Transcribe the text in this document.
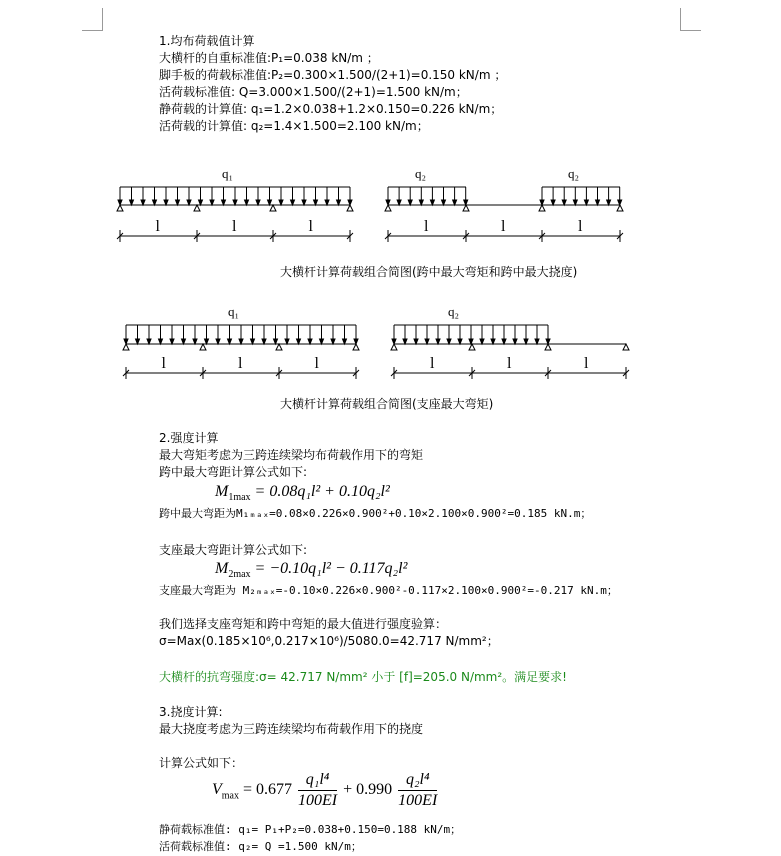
1.均布荷载值计算
大横杆的自重标准值:P₁=0.038 kN/m ；
脚手板的荷载标准值:P₂=0.300×1.500/(2+1)=0.150 kN/m ；
活荷载标准值: Q=3.000×1.500/(2+1)=1.500 kN/m；
静荷载的计算值: q₁=1.2×0.038+1.2×0.150=0.226 kN/m；
活荷载的计算值: q₂=1.4×1.500=2.100 kN/m；
q₁
l	l	l
q₂	q₂
l	l	l
大横杆计算荷载组合简图(跨中最大弯矩和跨中最大挠度)
q₁
l	l	l
q₂
l	l	l
大横杆计算荷载组合简图(支座最大弯矩)
2.强度计算
最大弯矩考虑为三跨连续梁均布荷载作用下的弯矩
跨中最大弯距计算公式如下:
$M_{1max} = 0.08q_1l^2 + 0.10q_2l^2$
跨中最大弯距为M₁ₘₐₓ=0.08×0.226×0.900²+0.10×2.100×0.900²=0.185 kN.m；
支座最大弯距计算公式如下:
$M_{2max} = -0.10q_1l^2 - 0.117q_2l^2$
支座最大弯距为 M₂ₘₐₓ=-0.10×0.226×0.900²-0.117×2.100×0.900²=-0.217 kN.m；
我们选择支座弯矩和跨中弯矩的最大值进行强度验算：
σ=Max(0.185×10⁶,0.217×10⁶)/5080.0=42.717 N/mm²；
大横杆的抗弯强度:σ= 42.717 N/mm² 小于 [f]=205.0 N/mm²。满足要求!
3.挠度计算:
最大挠度考虑为三跨连续梁均布荷载作用下的挠度
计算公式如下：
$V_{max} = 0.677 \frac{\text{q₁l⁴}}{100EI} + 0.990 \frac{\text{q₂l⁴}}{100EI}$
静荷载标准值: q₁= P₁+P₂=0.038+0.150=0.188 kN/m；
活荷载标准值: q₂= Q =1.500 kN/m；
